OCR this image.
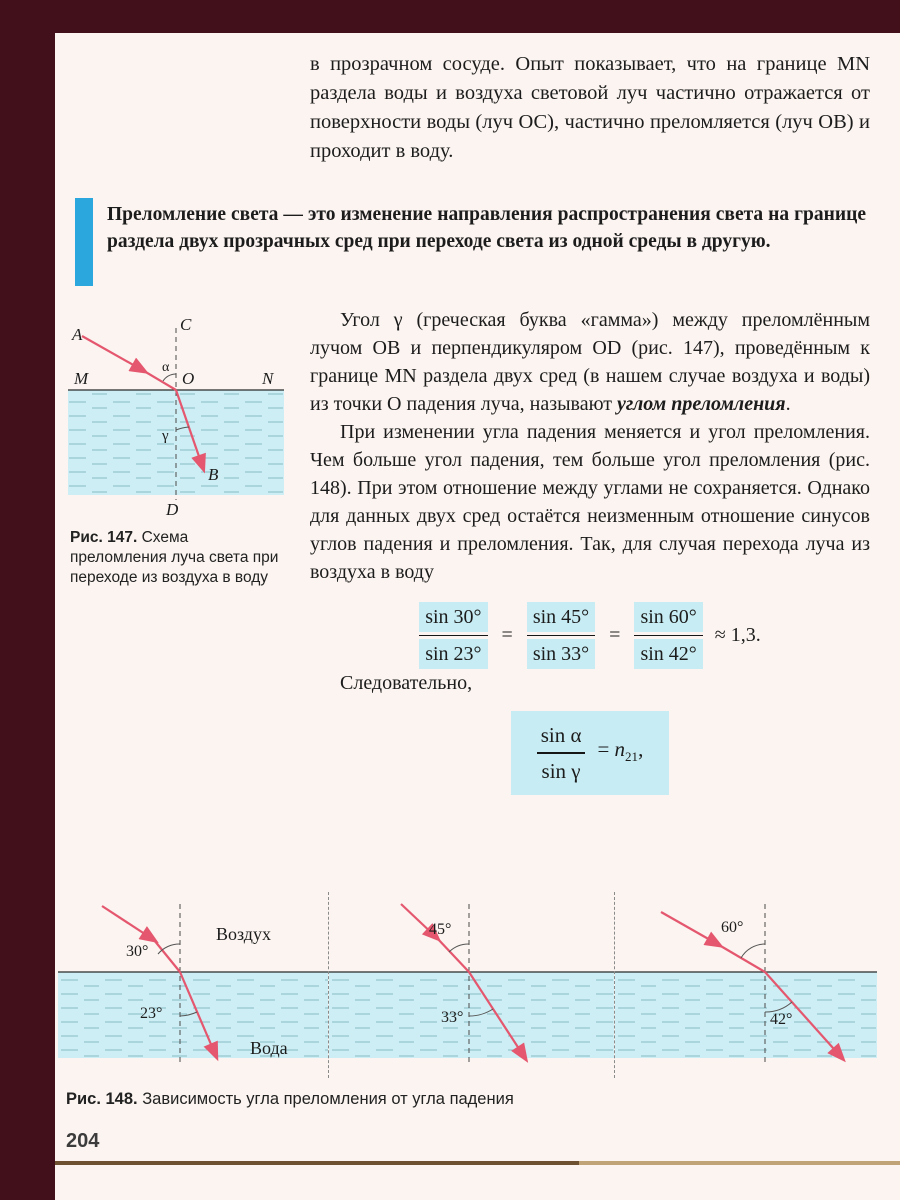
в прозрачном сосуде. Опыт показывает, что на границе MN раздела воды и воздуха световой луч частично отражается от поверхности воды (луч ОС), частично преломляется (луч ОВ) и проходит в воду.
Преломление света — это изменение направления распространения света на границе раздела двух прозрачных сред при переходе света из одной среды в другую.
A
C
M	N
O
α
γ
B
D
Рис. 147. Схема преломления луча света при переходе из воздуха в воду

Угол γ (греческая буква «гамма») между преломлённым лучом ОВ и перпендикуляром OD (рис. 147), проведённым к границе MN раздела двух сред (в нашем случае воздуха и воды) из точки О падения луча, называют углом преломления.

При изменении угла падения меняется и угол преломления. Чем больше угол падения, тем больше угол преломления (рис. 148). При этом отношение между углами не сохраняется. Однако для данных двух сред остаётся неизменным отношение синусов углов падения и преломления. Так, для случая перехода луча из воздуха в воду

$\frac{\sin 30^\circ}{\sin 23^\circ} = \frac{\sin 45^\circ}{\sin 33^\circ} = \frac{\sin 60^\circ}{\sin 42^\circ} \approx 1,3$.

Следовательно,

$\frac{\text{sin α}}{\text{sin γ}} = n_{21}$,
30°
23°
Воздух
Вода
45°
33°
60°
42°
Рис. 148. Зависимость угла преломления от угла падения
204
